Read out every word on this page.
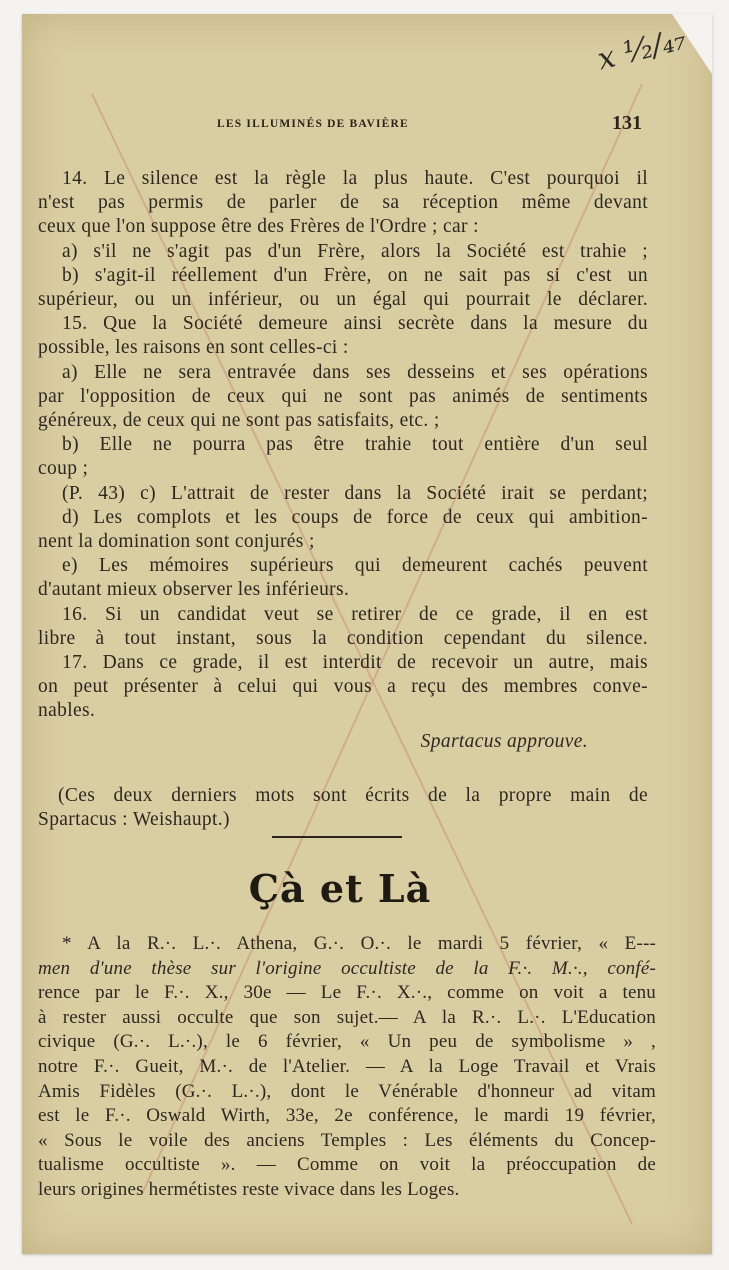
x ⅟₂/₄₇
LES ILLUMINÉS DE BAVIÈRE	131
14. Le silence est la règle la plus haute. C'est pourquoi il
n'est pas permis de parler de sa réception même devant
ceux que l'on suppose être des Frères de l'Ordre ; car :
a) s'il ne s'agit pas d'un Frère, alors la Société est trahie ;
b) s'agit-il réellement d'un Frère, on ne sait pas si c'est un
supérieur, ou un inférieur, ou un égal qui pourrait le déclarer.
15. Que la Société demeure ainsi secrète dans la mesure du
possible, les raisons en sont celles-ci :
a) Elle ne sera entravée dans ses desseins et ses opérations
par l'opposition de ceux qui ne sont pas animés de sentiments
généreux, de ceux qui ne sont pas satisfaits, etc. ;
b) Elle ne pourra pas être trahie tout entière d'un seul
coup ;
(P. 43) c) L'attrait de rester dans la Société irait se perdant;
d) Les complots et les coups de force de ceux qui ambition-
nent la domination sont conjurés ;
e) Les mémoires supérieurs qui demeurent cachés peuvent
d'autant mieux observer les inférieurs.
16. Si un candidat veut se retirer de ce grade, il en est
libre à tout instant, sous la condition cependant du silence.
17. Dans ce grade, il est interdit de recevoir un autre, mais
on peut présenter à celui qui vous a reçu des membres conve-
nables.
Spartacus approuve.
(Ces deux derniers mots sont écrits de la propre main de
Spartacus : Weishaupt.)
Çà et Là
* A la R.·. L.·. Athena, G.·. O.·. le mardi 5 février, « E---
men d'une thèse sur l'origine occultiste de la F.·. M.·., confé-
rence par le F.·. X., 30e — Le F.·. X.·., comme on voit a tenu
à rester aussi occulte que son sujet.— A la R.·. L.·. L'Education
civique (G.·. L.·.), le 6 février, « Un peu de symbolisme » ,
notre F.·. Gueit, M.·. de l'Atelier. — A la Loge Travail et Vrais
Amis Fidèles (G.·. L.·.), dont le Vénérable d'honneur ad vitam
est le F.·. Oswald Wirth, 33e, 2e conférence, le mardi 19 février,
« Sous le voile des anciens Temples : Les éléments du Concep-
tualisme occultiste ». — Comme on voit la préoccupation de
leurs origines hermétistes reste vivace dans les Loges.
